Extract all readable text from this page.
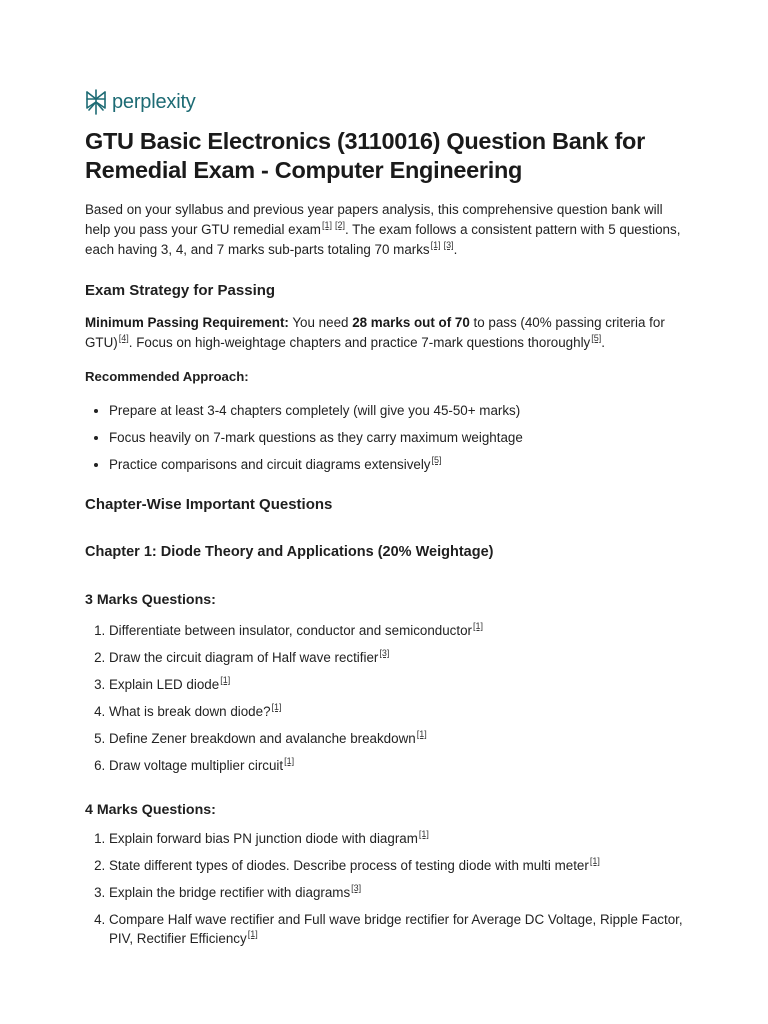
perplexity
GTU Basic Electronics (3110016) Question Bank for Remedial Exam - Computer Engineering

Based on your syllabus and previous year papers analysis, this comprehensive question bank will help you pass your GTU remedial exam[1] [2]. The exam follows a consistent pattern with 5 questions, each having 3, 4, and 7 marks sub-parts totaling 70 marks[1] [3].

Exam Strategy for Passing

Minimum Passing Requirement: You need 28 marks out of 70 to pass (40% passing criteria for GTU)[4]. Focus on high-weightage chapters and practice 7-mark questions thoroughly[5].

Recommended Approach:
• Prepare at least 3-4 chapters completely (will give you 45-50+ marks)
• Focus heavily on 7-mark questions as they carry maximum weightage
• Practice comparisons and circuit diagrams extensively[5]
Chapter-Wise Important Questions
Chapter 1: Diode Theory and Applications (20% Weightage)
3 Marks Questions:
1. Differentiate between insulator, conductor and semiconductor[1]
2. Draw the circuit diagram of Half wave rectifier[3]
3. Explain LED diode[1]
4. What is break down diode?[1]
5. Define Zener breakdown and avalanche breakdown[1]
6. Draw voltage multiplier circuit[1]
4 Marks Questions:
1. Explain forward bias PN junction diode with diagram[1]
2. State different types of diodes. Describe process of testing diode with multi meter[1]
3. Explain the bridge rectifier with diagrams[3]
4. Compare Half wave rectifier and Full wave bridge rectifier for Average DC Voltage, Ripple Factor, PIV, Rectifier Efficiency[1]
